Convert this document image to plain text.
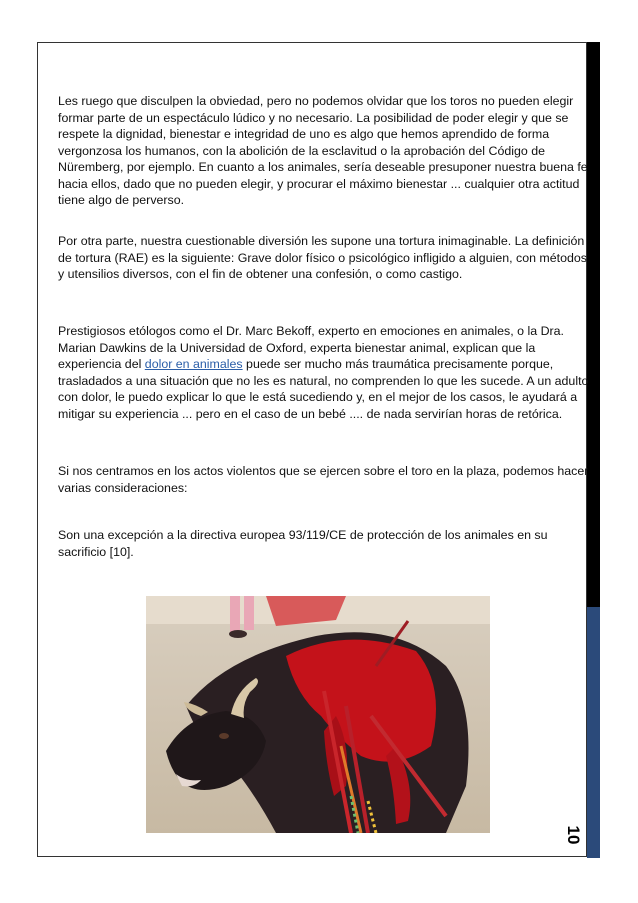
Les ruego que disculpen la obviedad, pero no podemos olvidar que los toros no pueden elegir formar parte de un espectáculo lúdico y no necesario. La posibilidad de poder elegir y que se respete la dignidad, bienestar e integridad de uno es algo que hemos aprendido de forma vergonzosa los humanos, con la abolición de la esclavitud o la aprobación del Código de Nüremberg, por ejemplo. En cuanto a los animales, sería deseable presuponer nuestra buena fe hacia ellos, dado que no pueden elegir, y procurar el máximo bienestar ... cualquier otra actitud tiene algo de perverso.

Por otra parte, nuestra cuestionable diversión les supone una tortura inimaginable. La definición de tortura (RAE) es la siguiente: Grave dolor físico o psicológico infligido a alguien, con métodos y utensilios diversos, con el fin de obtener una confesión, o como castigo.

Prestigiosos etólogos como el Dr. Marc Bekoff, experto en emociones en animales, o la Dra. Marian Dawkins de la Universidad de Oxford, experta bienestar animal, explican que la experiencia del dolor en animales puede ser mucho más traumática precisamente porque, trasladados a una situación que no les es natural, no comprenden lo que les sucede. A un adulto con dolor, le puedo explicar lo que le está sucediendo y, en el mejor de los casos, le ayudará a mitigar su experiencia ... pero en el caso de un bebé .... de nada servirían horas de retórica.

Si nos centramos en los actos violentos que se ejercen sobre el toro en la plaza, podemos hacer varias consideraciones:

Son una excepción a la directiva europea 93/119/CE de protección de los animales en su sacrificio [10].

10
